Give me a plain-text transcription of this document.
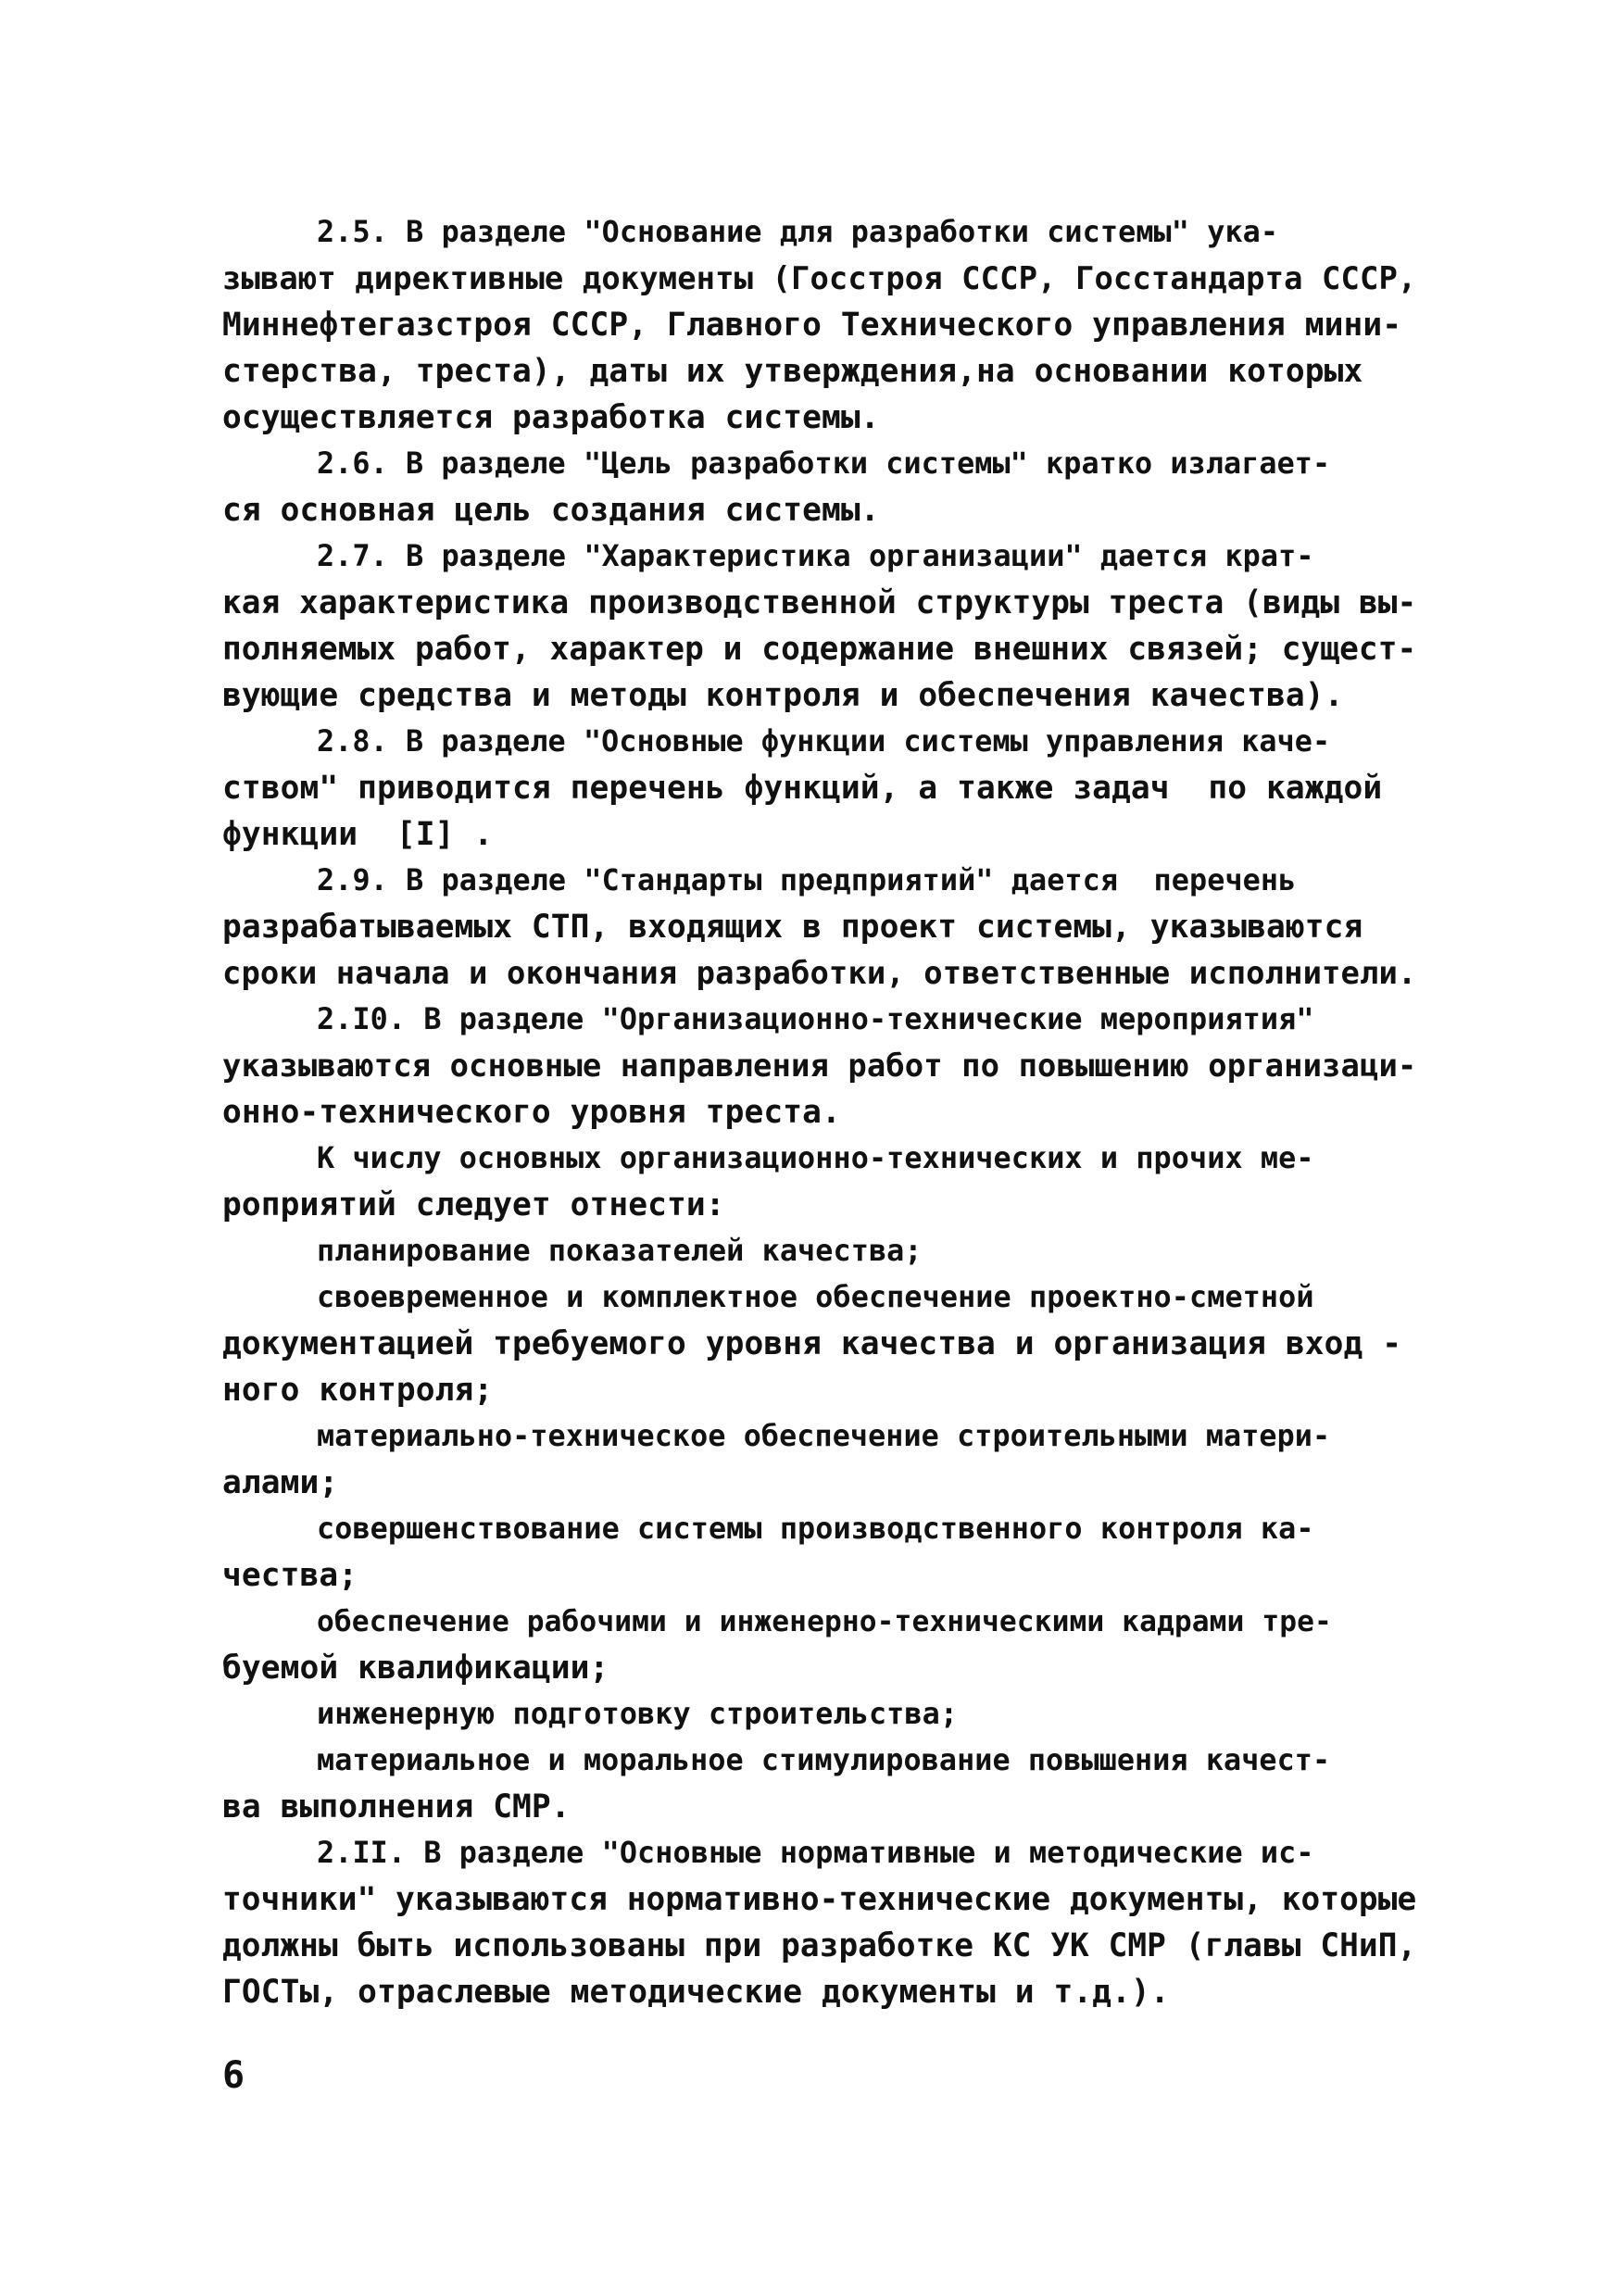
2.5. В разделе "Основание для разработки системы" ука-
зывают директивные документы (Госстроя СССР, Госстандарта СССР,
Миннефтегазстроя СССР, Главного Технического управления мини-
стерства, треста), даты их утверждения,на основании которых
осуществляется разработка системы.
2.6. В разделе "Цель разработки системы" кратко излагает-
ся основная цель создания системы.
2.7. В разделе "Характеристика организации" дается крат-
кая характеристика производственной структуры треста (виды вы-
полняемых работ, характер и содержание внешних связей; сущест-
вующие средства и методы контроля и обеспечения качества).
2.8. В разделе "Основные функции системы управления каче-
ством" приводится перечень функций, а также задач  по каждой
функции  [I] .
2.9. В разделе "Стандарты предприятий" дается  перечень
разрабатываемых СТП, входящих в проект системы, указываются
сроки начала и окончания разработки, ответственные исполнители.
2.I0. В разделе "Организационно-технические мероприятия"
указываются основные направления работ по повышению организаци-
онно-технического уровня треста.
К числу основных организационно-технических и прочих ме-
роприятий следует отнести:
планирование показателей качества;
своевременное и комплектное обеспечение проектно-сметной
документацией требуемого уровня качества и организация вход -
ного контроля;
материально-техническое обеспечение строительными матери-
алами;
совершенствование системы производственного контроля ка-
чества;
обеспечение рабочими и инженерно-техническими кадрами тре-
буемой квалификации;
инженерную подготовку строительства;
материальное и моральное стимулирование повышения качест-
ва выполнения СМР.
2.II. В разделе "Основные нормативные и методические ис-
точники" указываются нормативно-технические документы, которые
должны быть использованы при разработке КС УК СМР (главы СНиП,
ГОСТы, отраслевые методические документы и т.д.).
6
